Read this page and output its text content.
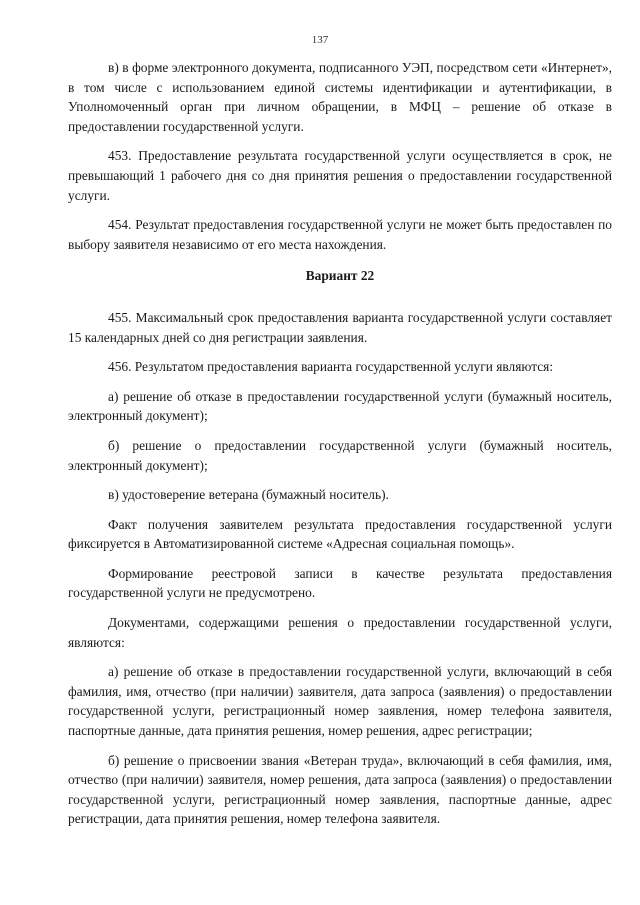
137

в) в форме электронного документа, подписанного УЭП, посредством сети «Интернет», в том числе с использованием единой системы идентификации и аутентификации, в Уполномоченный орган при личном обращении, в МФЦ – решение об отказе в предоставлении государственной услуги.

453. Предоставление результата государственной услуги осуществляется в срок, не превышающий 1 рабочего дня со дня принятия решения о предоставлении государственной услуги.

454. Результат предоставления государственной услуги не может быть предоставлен по выбору заявителя независимо от его места нахождения.

Вариант 22

455. Максимальный срок предоставления варианта государственной услуги составляет 15 календарных дней со дня регистрации заявления.

456. Результатом предоставления варианта государственной услуги являются:

а) решение об отказе в предоставлении государственной услуги (бумажный носитель, электронный документ);

б) решение о предоставлении государственной услуги (бумажный носитель, электронный документ);

в) удостоверение ветерана (бумажный носитель).

Факт получения заявителем результата предоставления государственной услуги фиксируется в Автоматизированной системе «Адресная социальная помощь».

Формирование реестровой записи в качестве результата предоставления государственной услуги не предусмотрено.

Документами, содержащими решения о предоставлении государственной услуги, являются:

а) решение об отказе в предоставлении государственной услуги, включающий в себя фамилия, имя, отчество (при наличии) заявителя, дата запроса (заявления) о предоставлении государственной услуги, регистрационный номер заявления, номер телефона заявителя, паспортные данные, дата принятия решения, номер решения, адрес регистрации;

б) решение о присвоении звания «Ветеран труда», включающий в себя фамилия, имя, отчество (при наличии) заявителя, номер решения, дата запроса (заявления) о предоставлении государственной услуги, регистрационный номер заявления, паспортные данные, адрес регистрации, дата принятия решения, номер телефона заявителя.
